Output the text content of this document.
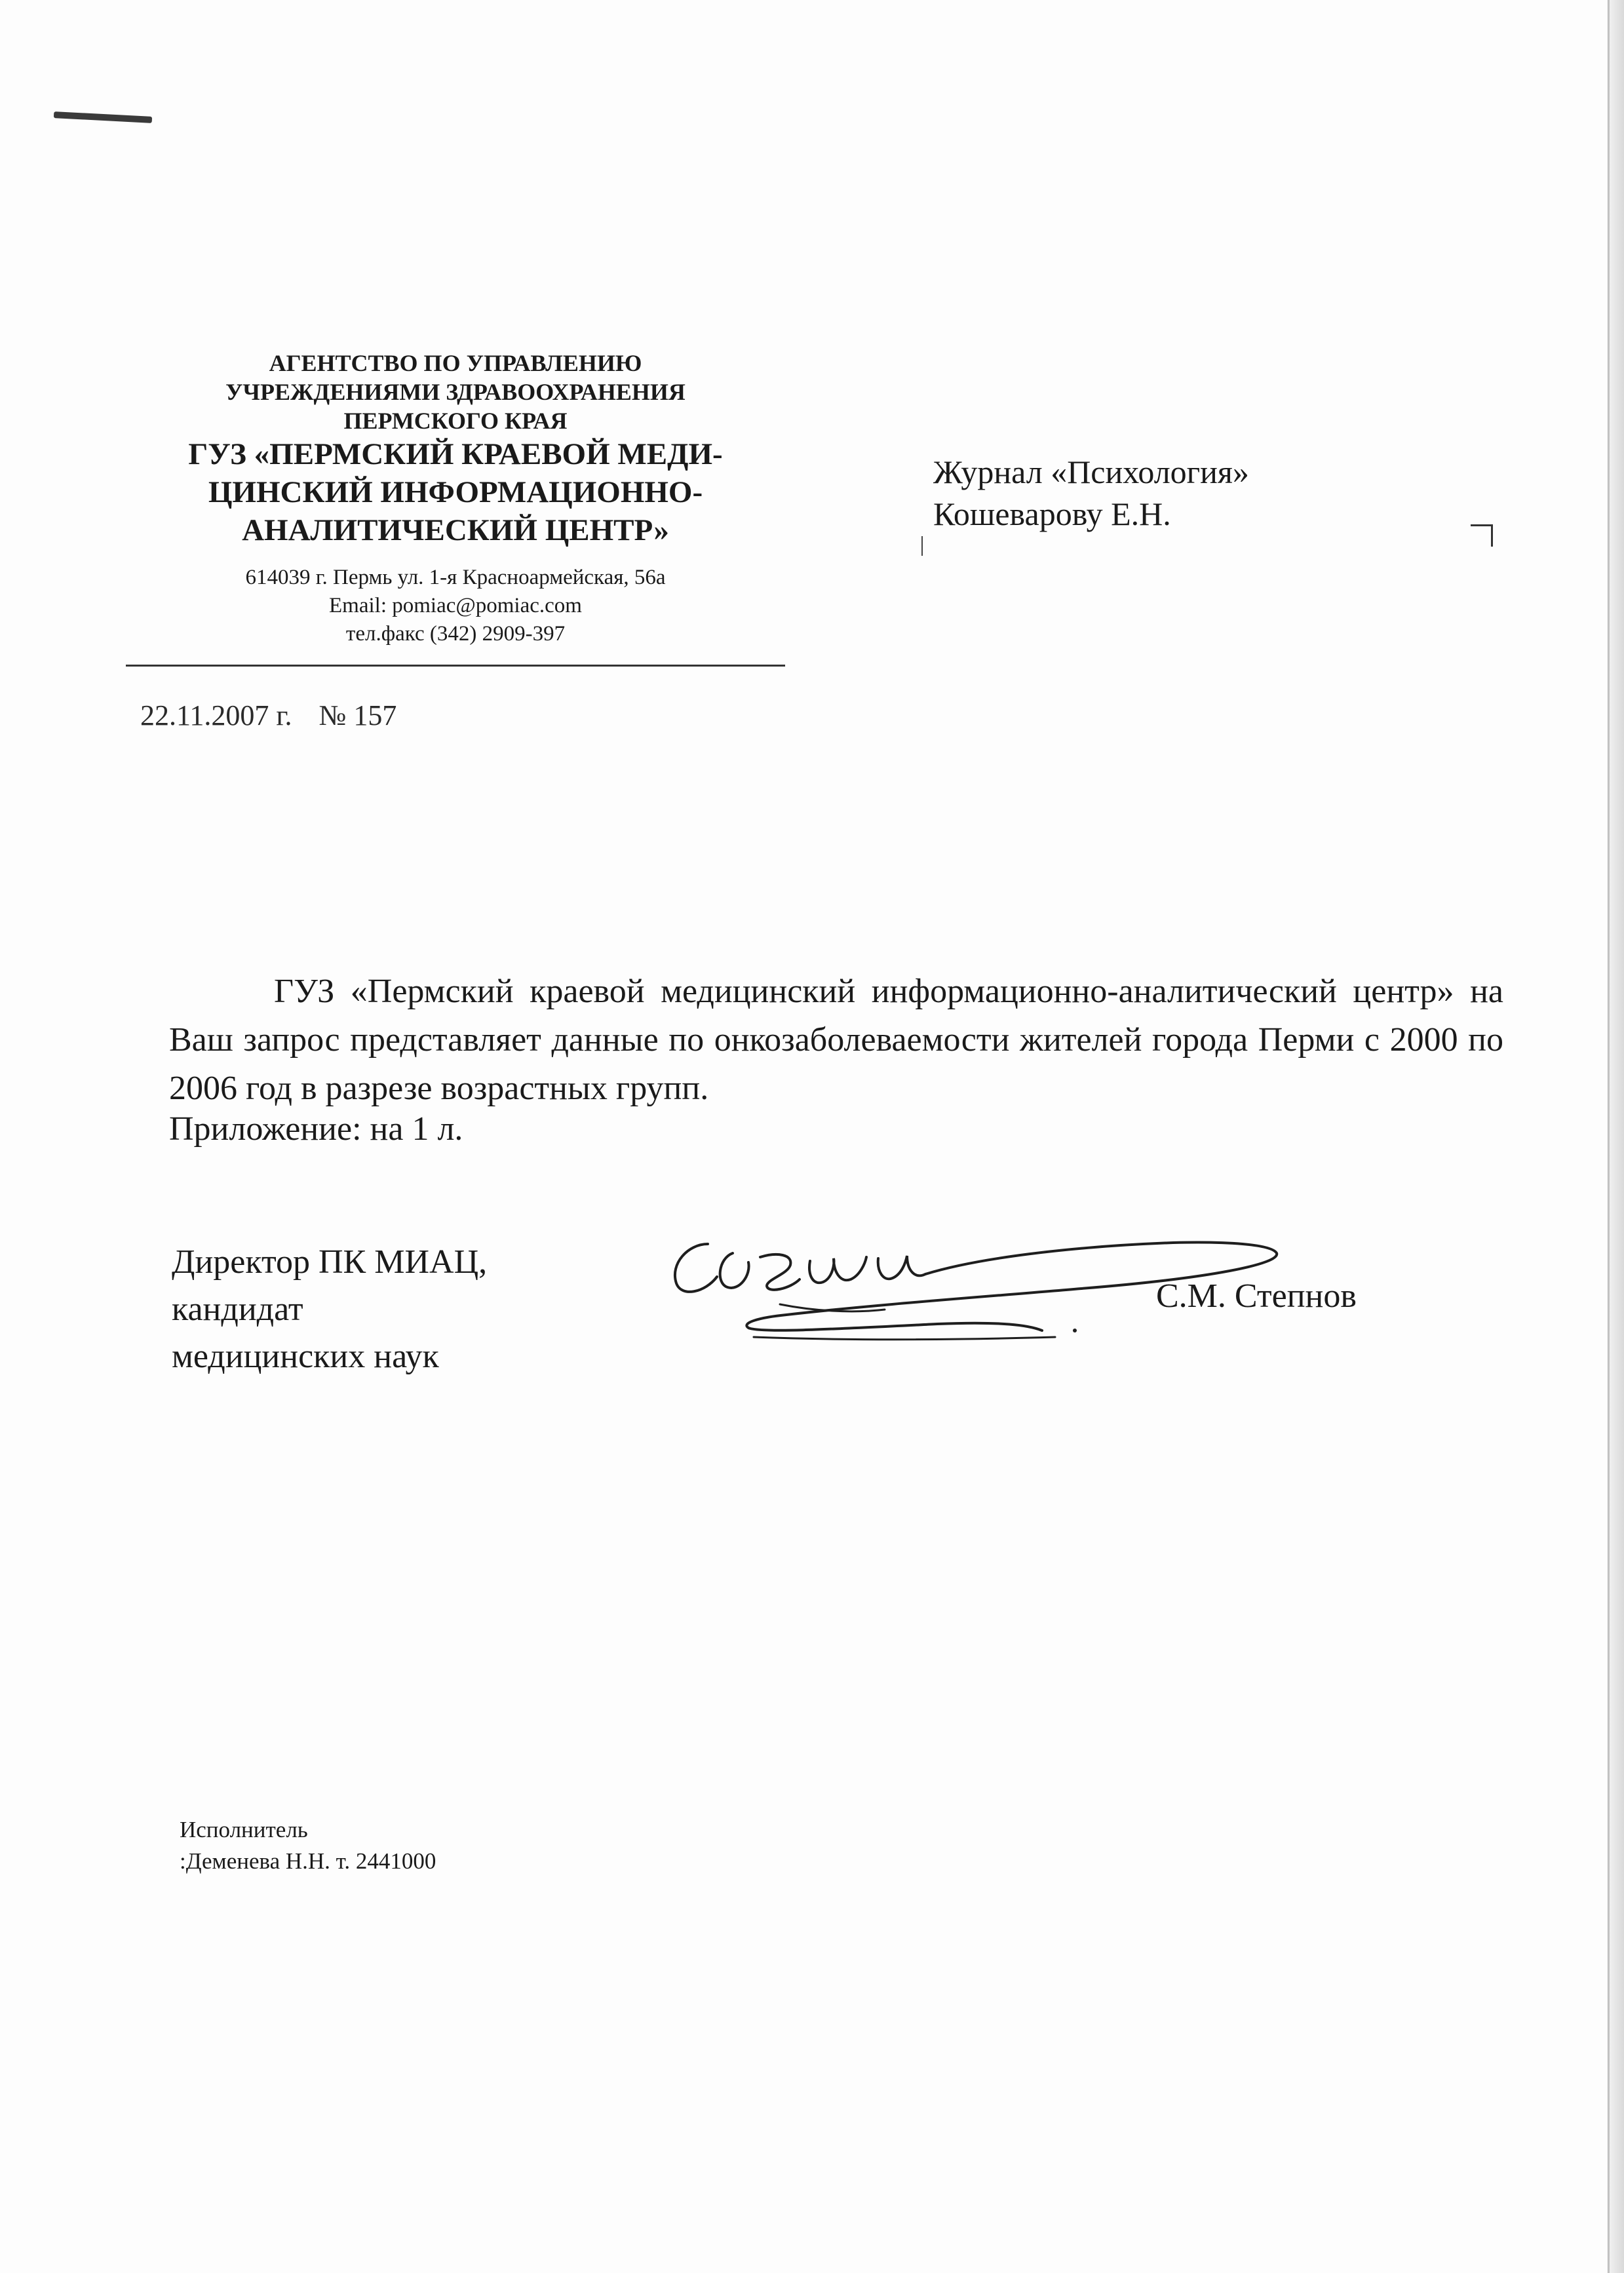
АГЕНТСТВО ПО УПРАВЛЕНИЮ

УЧРЕЖДЕНИЯМИ ЗДРАВООХРАНЕНИЯ

ПЕРМСКОГО КРАЯ

ГУЗ «ПЕРМСКИЙ КРАЕВОЙ МЕДИ-

ЦИНСКИЙ ИНФОРМАЦИОННО-

АНАЛИТИЧЕСКИЙ ЦЕНТР»

614039 г. Пермь ул. 1-я Красноармейская, 56а
Email: pomiac@pomiac.com
тел.факс (342) 2909-397
22.11.2007 г. № 157
Журнал «Психология»
Кошеварову Е.Н.

ГУЗ «Пермский краевой медицинский информационно-аналитический центр» на Ваш запрос представляет данные по онкозаболеваемости жителей города Перми с 2000 по 2006 год в разрезе возрастных групп.

Приложение: на 1 л.
Директор ПК МИАЦ,
кандидат
медицинских наук
С.М. Степнов
Исполнитель
:Деменева Н.Н. т. 2441000
